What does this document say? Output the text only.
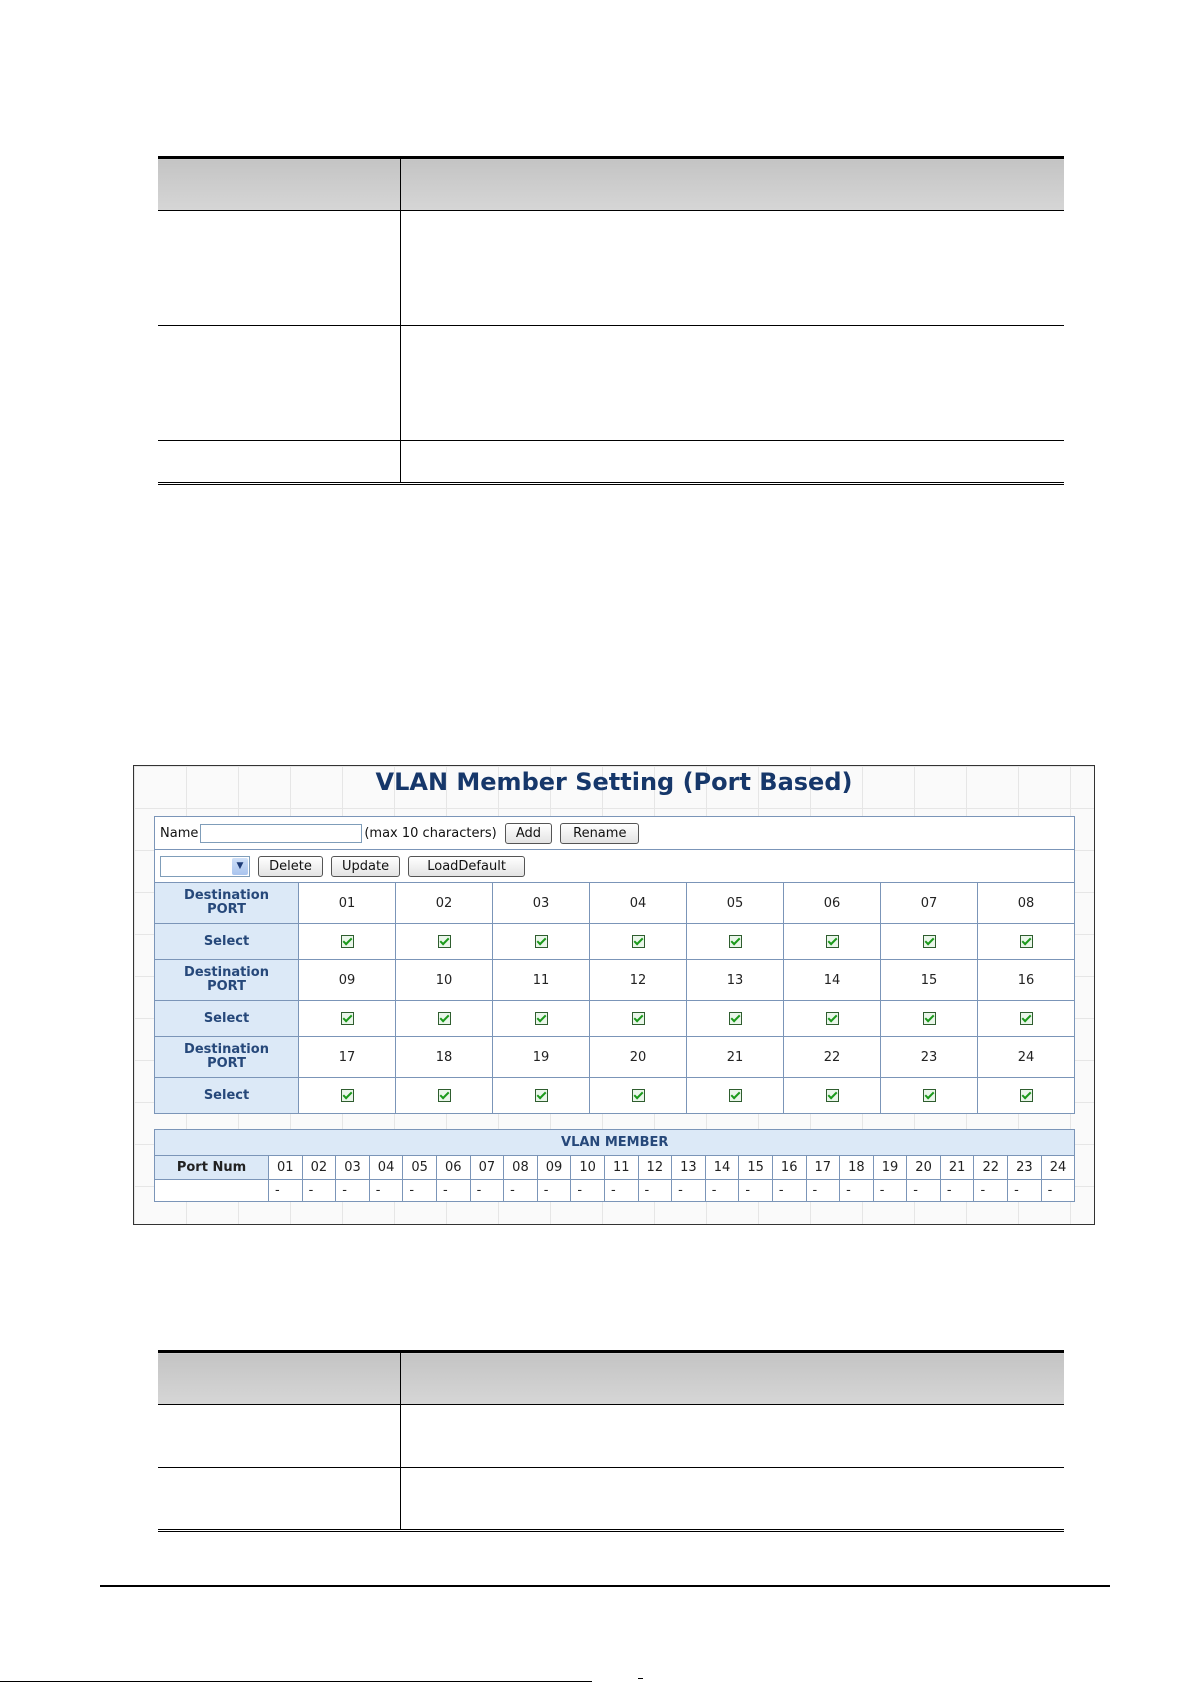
VLAN Member Setting (Port Based)
Name (max 10 characters) Add Rename								

▼ Delete Update LoadDefault								

Destination
PORT	01	02	03	04	05	06	07	08
Select								

Destination
PORT	09	10	11	12	13	14	15	16
Select								

Destination
PORT	17	18	19	20	21	22	23	24
Select								
VLAN MEMBER																								
Port Num	01	02	03	04	05	06	07	08	09	10	11	12	13	14	15	16	17	18	19	20	21	22	23	24
	-	-	-	-	-	-	-	-	-	-	-	-	-	-	-	-	-	-	-	-	-	-	-	-
